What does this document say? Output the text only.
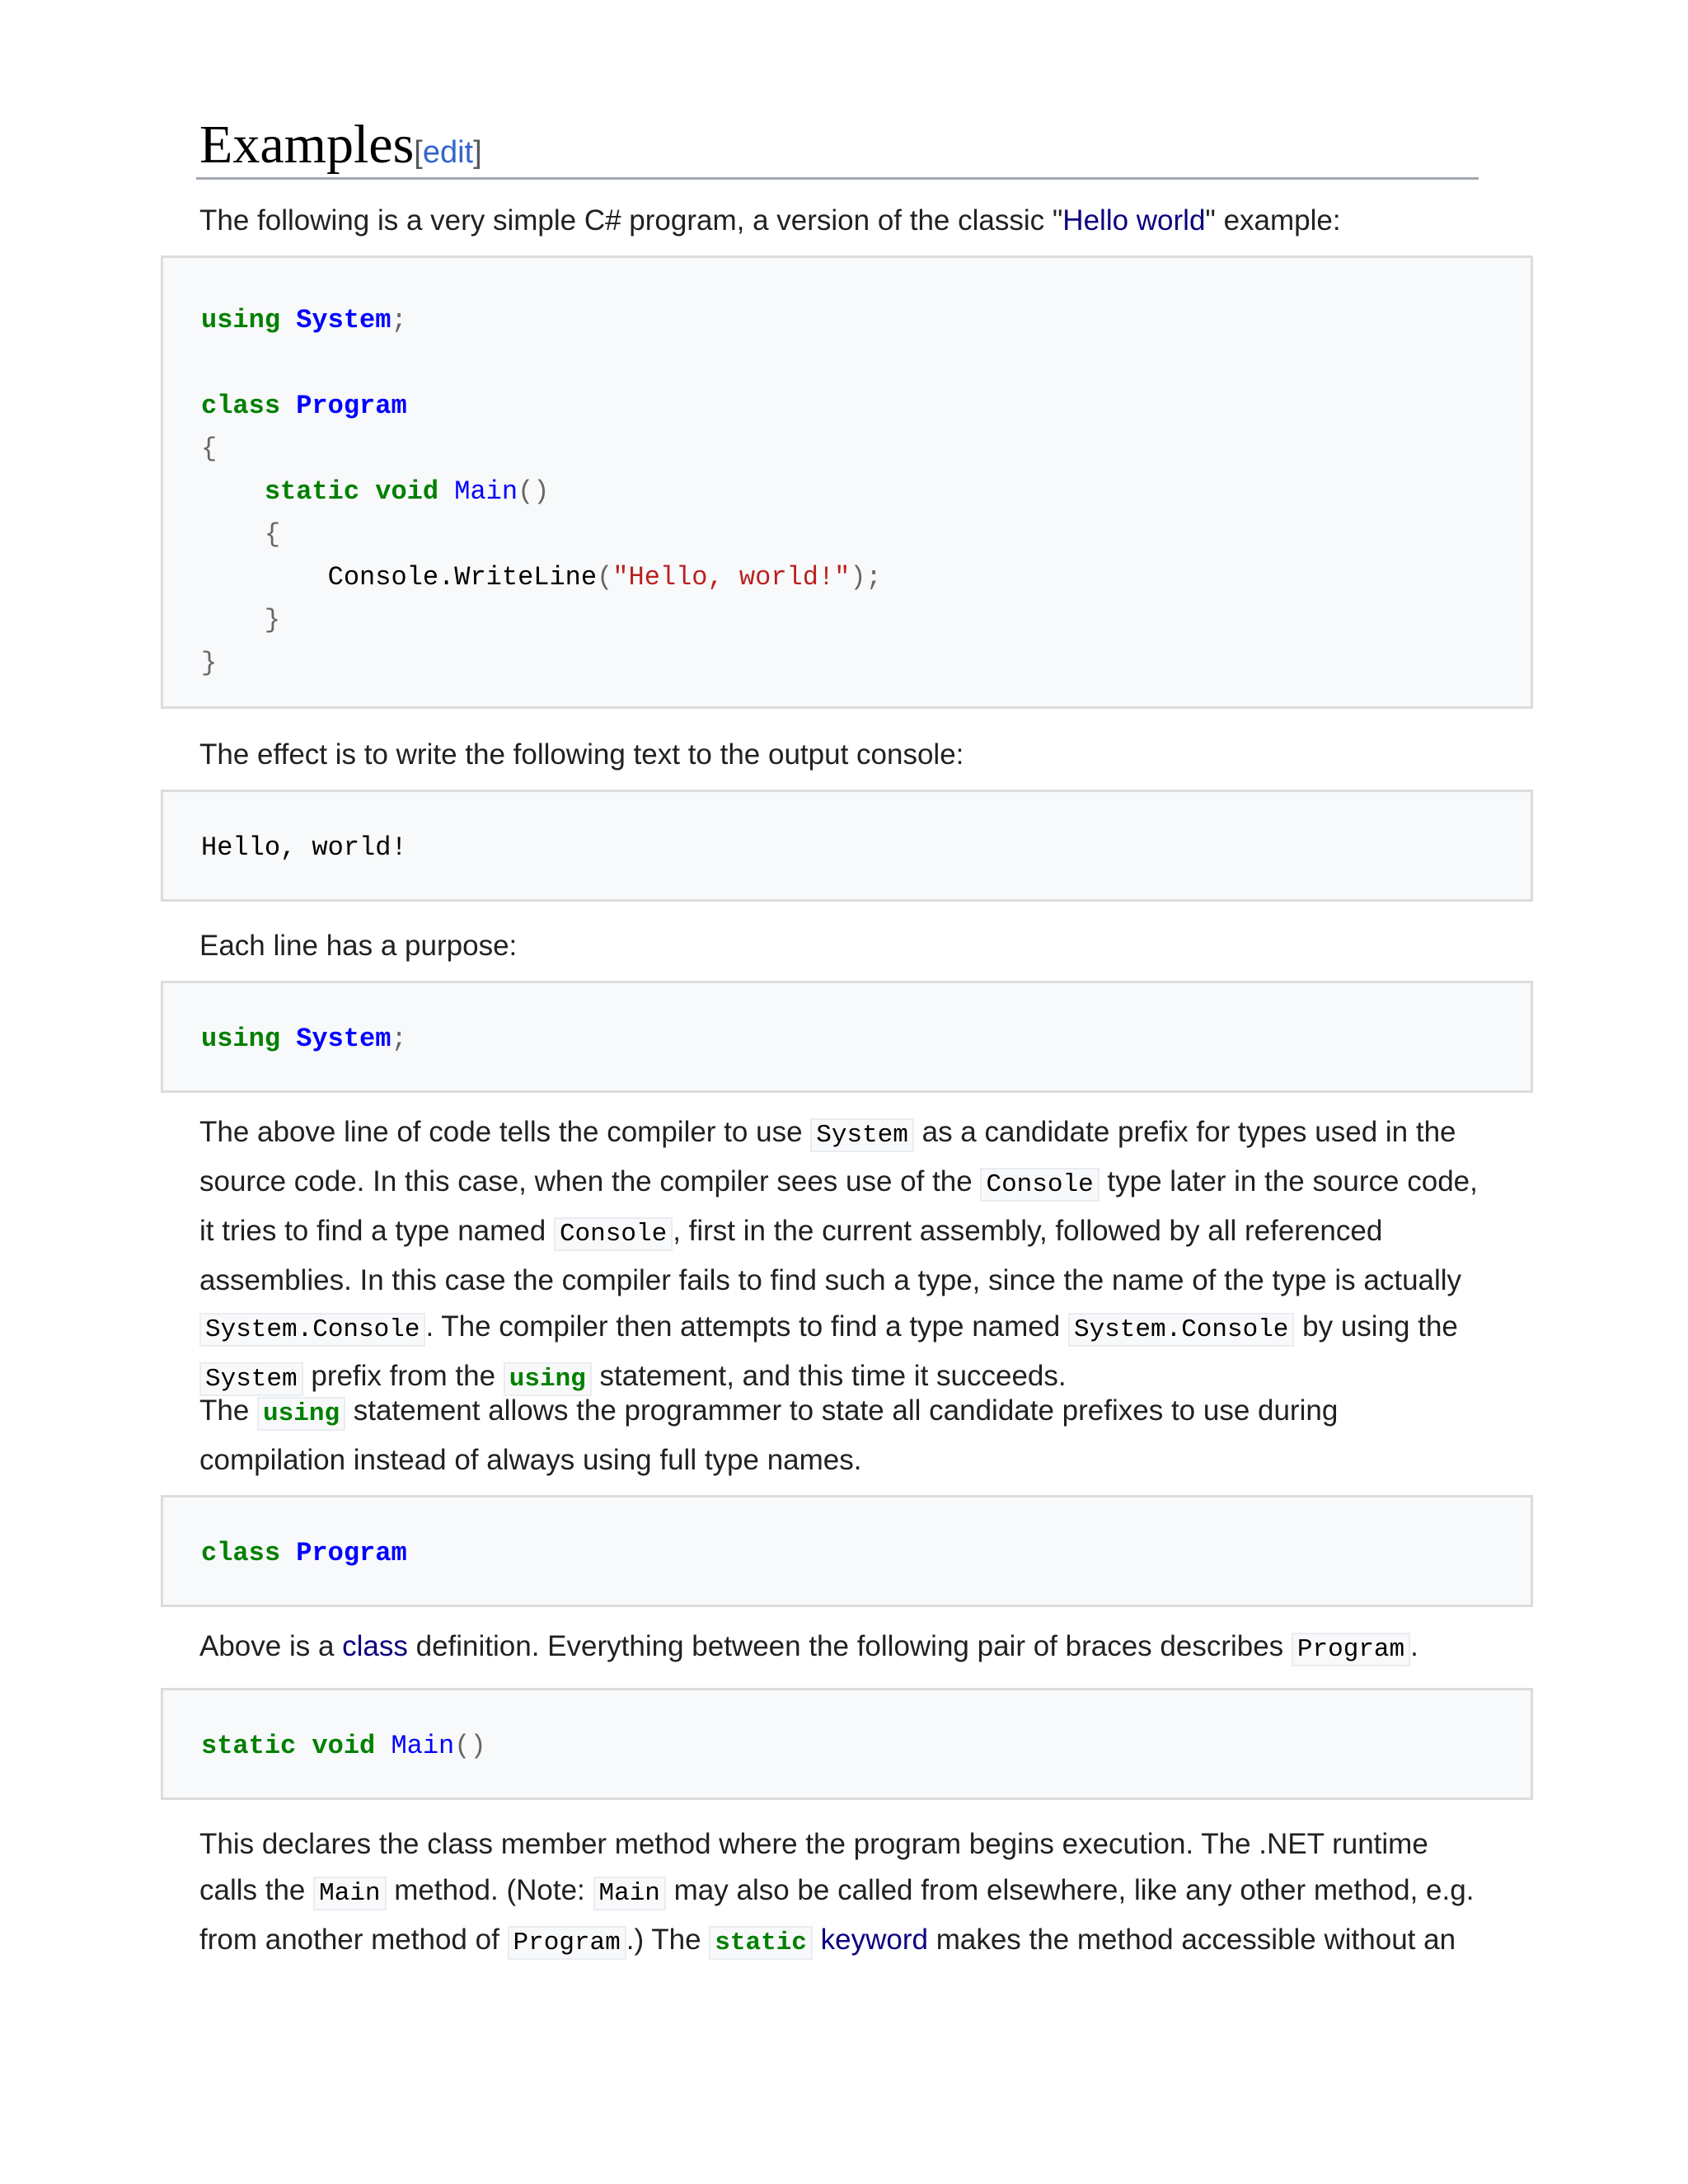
Examples[edit]

The following is a very simple C# program, a version of the classic "Hello world" example:

using System;
class Program
{
static void Main()
{
Console.WriteLine("Hello, world!");
}
}

The effect is to write the following text to the output console:

Hello, world!

Each line has a purpose:

using System;

The above line of code tells the compiler to use System as a candidate prefix for types used in the source code. In this case, when the compiler sees use of the Console type later in the source code, it tries to find a type named Console , first in the current assembly, followed by all referenced assemblies. In this case the compiler fails to find such a type, since the name of the type is actually System.Console . The compiler then attempts to find a type named System.Console by using the System prefix from the using statement, and this time it succeeds.

The using statement allows the programmer to state all candidate prefixes to use during compilation instead of always using full type names.

class Program

Above is a class definition. Everything between the following pair of braces describes Program .

static void Main()

This declares the class member method where the program begins execution. The .NET runtime calls the Main method. (Note: Main may also be called from elsewhere, like any other method, e.g. from another method of Program .) The static keyword makes the method accessible without an
